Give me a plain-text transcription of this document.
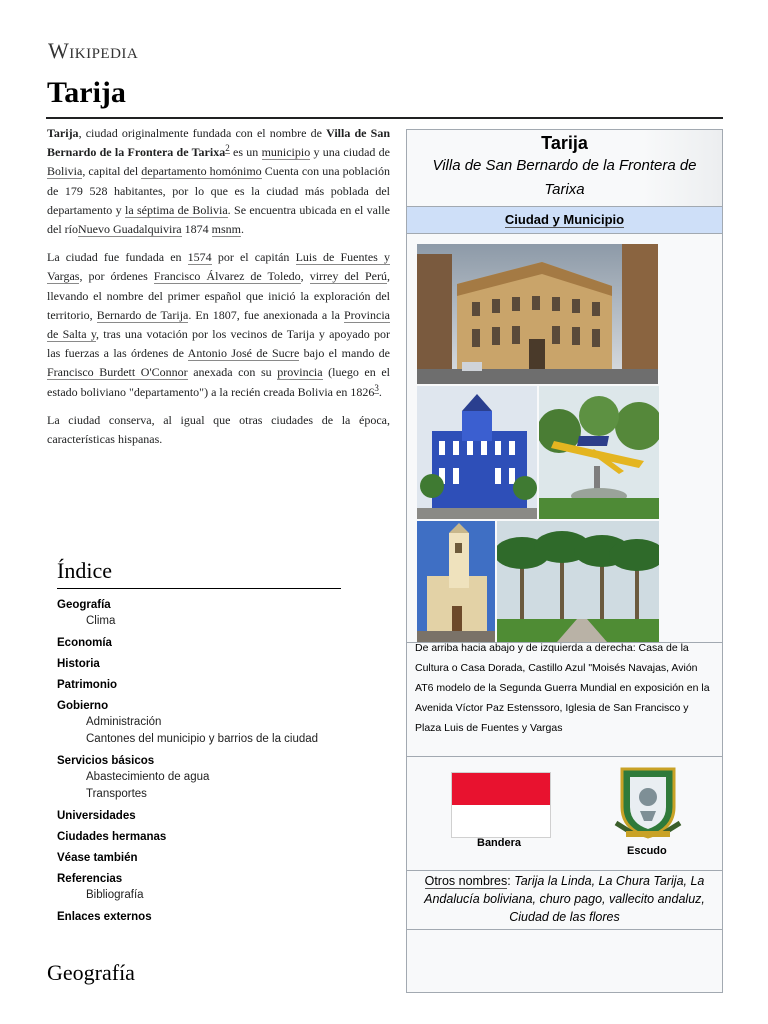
Wikipedia
Tarija

Tarija, ciudad originalmente fundada con el nombre de Villa de San Bernardo de la Frontera de Tarixa$^2$ es un municipio y una ciudad de Bolivia, capital del departamento homónimo Cuenta con una población de 179 528 habitantes, por lo que es la ciudad más poblada del departamento y la séptima de Bolivia. Se encuentra ubicada en el valle del ríoNuevo Guadalquivira 1874 msnm.

La ciudad fue fundada en 1574 por el capitán Luis de Fuentes y Vargas, por órdenes Francisco Álvarez de Toledo, virrey del Perú, llevando el nombre del primer español que inició la exploración del territorio, Bernardo de Tarija. En 1807, fue anexionada a la Provincia de Salta y, tras una votación por los vecinos de Tarija y apoyado por las fuerzas a las órdenes de Antonio José de Sucre bajo el mando de Francisco Burdett O'Connor anexada con su provincia (luego en el estado boliviano "departamento") a la recién creada Bolivia en 1826$^3$.

La ciudad conserva, al igual que otras ciudades de la época, características hispanas.

Índice
Geografía
Clima
Economía
Historia
Patrimonio
Gobierno
Administración
Cantones del municipio y barrios de la ciudad
Servicios básicos
Abastecimiento de agua
Transportes
Universidades
Ciudades hermanas
Véase también
Referencias
Bibliografía
Enlaces externos
Geografía
Tarija
Villa de San Bernardo de la Frontera de Tarixa
Ciudad y Municipio
De arriba hacia abajo y de izquierda a derecha: Casa de la Cultura o Casa Dorada, Castillo Azul "Moisés Navajas, Avión AT6 modelo de la Segunda Guerra Mundial en exposición en la Avenida Víctor Paz Estenssoro, Iglesia de San Francisco y Plaza Luis de Fuentes y Vargas
Bandera
Escudo
Otros nombres: Tarija la Linda, La Chura Tarija, La Andalucía boliviana, churo pago, vallecito andaluz, Ciudad de las flores
